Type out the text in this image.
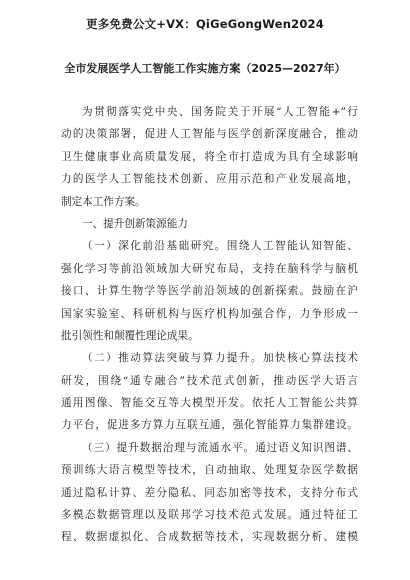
更多免费公文+VX：QiGeGongWen2024
全市发展医学人工智能工作实施方案（2025—2027年）
为贯彻落实党中央、国务院关于开展“人工智能+”行
动的决策部署，促进人工智能与医学创新深度融合，推动
卫生健康事业高质量发展，将全市打造成为具有全球影响
力的医学人工智能技术创新、应用示范和产业发展高地，
制定本工作方案。
一、提升创新策源能力
（一）深化前沿基础研究。围绕人工智能认知智能、
强化学习等前沿领域加大研究布局，支持在脑科学与脑机
接口、计算生物学等医学前沿领域的创新探索。鼓励在沪
国家实验室、科研机构与医疗机构加强合作，力争形成一
批引领性和颠覆性理论成果。
（二）推动算法突破与算力提升。加快核心算法技术
研发，围绕“通专融合”技术范式创新，推动医学大语言
通用图像、智能交互等大模型开发。依托人工智能公共算
力平台，促进多方算力互联互通，强化智能算力集群建设。
（三）提升数据治理与流通水平。通过语义知识图谱、
预训练大语言模型等技术，自动抽取、处理复杂医学数据
通过隐私计算、差分隐私、同态加密等技术，支持分布式
多模态数据管理以及联邦学习技术范式发展。通过特征工
程、数据虚拟化、合成数据等技术，实现数据分析、建模
